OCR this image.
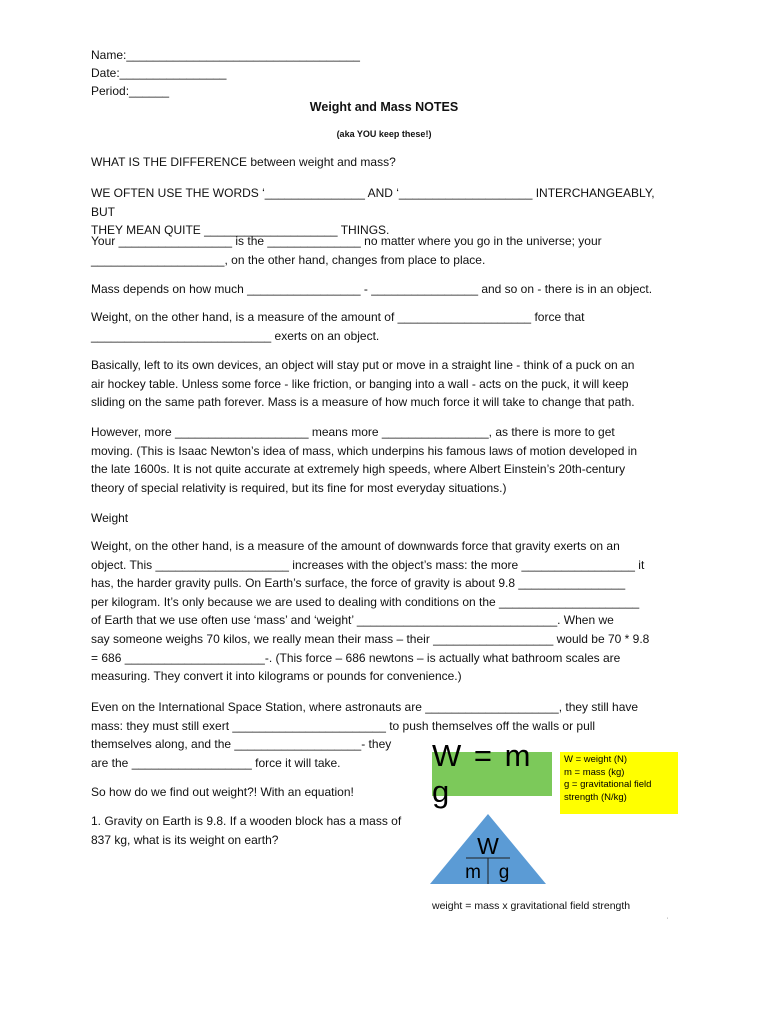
Name:___________________________________
Date:________________
Period:______
Weight and Mass NOTES
(aka YOU keep these!)
WHAT IS THE DIFFERENCE between weight and mass?
WE OFTEN USE THE WORDS ‘_______________ AND ‘____________________ INTERCHANGEABLY, BUT
THEY MEAN QUITE ____________________ THINGS.
Your _________________ is the ______________ no matter where you go in the universe; your
____________________, on the other hand, changes from place to place.
Mass depends on how much _________________ - ________________ and so on - there is in an object.
Weight, on the other hand, is a measure of the amount of ____________________ force that
___________________________ exerts on an object.
Basically, left to its own devices, an object will stay put or move in a straight line - think of a puck on an
air hockey table. Unless some force - like friction, or banging into a wall - acts on the puck, it will keep
sliding on the same path forever. Mass is a measure of how much force it will take to change that path.
However, more ____________________ means more ________________, as there is more to get
moving. (This is Isaac Newton’s idea of mass, which underpins his famous laws of motion developed in
the late 1600s. It is not quite accurate at extremely high speeds, where Albert Einstein’s 20th-century
theory of special relativity is required, but its fine for most everyday situations.)
Weight
Weight, on the other hand, is a measure of the amount of downwards force that gravity exerts on an
object. This ____________________ increases with the object’s mass: the more _________________ it
has, the harder gravity pulls. On Earth’s surface, the force of gravity is about 9.8 ________________
per kilogram. It’s only because we are used to dealing with conditions on the _____________________
of Earth that we use often use ‘mass’ and ‘weight’ ______________________________. When we
say someone weighs 70 kilos, we really mean their mass – their __________________ would be 70 * 9.8
= 686 _____________________-. (This force – 686 newtons – is actually what bathroom scales are
measuring. They convert it into kilograms or pounds for convenience.)
Even on the International Space Station, where astronauts are ____________________, they still have
mass: they must still exert _______________________ to push themselves off the walls or pull
themselves along, and the ___________________- they
are the __________________ force it will take.
So how do we find out weight?! With an equation!
1. Gravity on Earth is 9.8. If a wooden block has a mass of
837 kg, what is its weight on earth?
W = m g
W = weight (N)
m = mass (kg)
g = gravitational field strength (N/kg)
W
m g
weight = mass x gravitational field strength
'
